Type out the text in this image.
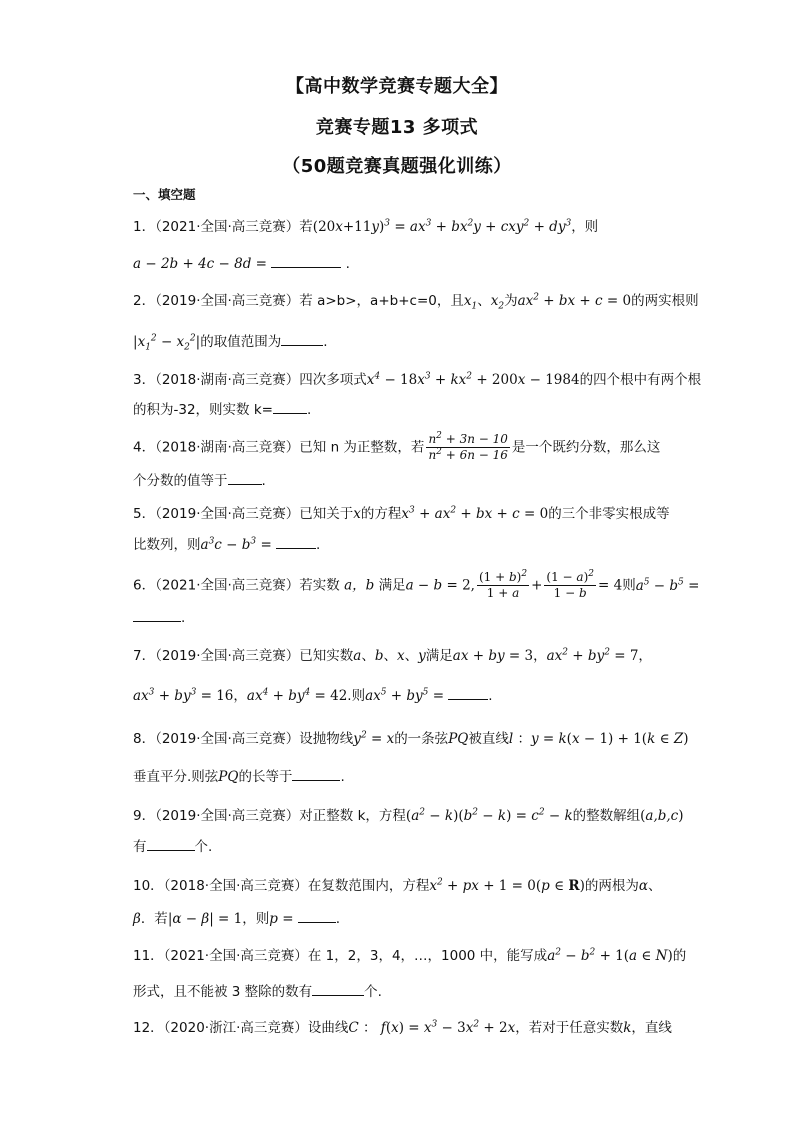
【高中数学竞赛专题大全】
竞赛专题13 多项式
（50题竞赛真题强化训练）
一、填空题
1．（2021·全国·高三竞赛）若$(20x+11y)^3 = ax^3 + bx^2y + cxy^2 + dy^3$，则
a − 2b + 4c − 8d =	.
2．（2019·全国·高三竞赛）若 a>b>，a+b+c=0，且$x_1$、$x_2$为$ax^2$ + bx + c = 0的两实根则
$|x_1^2 - x_2^2|$的取值范围为	.
3．（2018·湖南·高三竞赛）四次多项式$x^4 - 18x^3 + kx^2 + 200x - 1984$的四个根中有两个根
的积为-32，则实数 k=	.
4．（2018·湖南·高三竞赛）已知 n 为正整数，若 $\frac{n^2 + 3n - 10}{n^2 + 6n - 16}$ 是一个既约分数，那么这
个分数的值等于	.
5．（2019·全国·高三竞赛）已知关于x的方程$x^3 + ax^2$ + bx + c = 0的三个非零实根成等
比数列，则$a^3c - b^3$ =	.
6．（2021·全国·高三竞赛）若实数 a，b 满足a − b = 2, $\frac{(1 + b)^2}{1 + a} + \frac{(1 - a)^2}{1 - b} = 4$则$a^5 - b^5$ =
.
7．（2019·全国·高三竞赛）已知实数a、b、x、y满足ax + by = 3，$ax^2 + by^2 = 7$，
$ax^3 + by^3 = 16$，$ax^4 + by^4 = 42$.则$ax^5 + by^5$ =	.
8．（2019·全国·高三竞赛）设抛物线$y^2 = x$的一条弦PQ被直线l ：y = k(x − 1) + 1(k ∈ Z)
垂直平分.则弦PQ的长等于	.
9．（2019·全国·高三竞赛）对正整数 k，方程$(a^2 - k)(b^2 - k) = c^2 - k$的整数解组(a,b,c)
有	个.
10．（2018·全国·高三竞赛）在复数范围内，方程$x^2$ + px + 1 = 0(p ∈ R)的两根为α、
β．若|α − β| = 1，则p =	.
11．（2021·全国·高三竞赛）在 1，2，3，4，…，1000 中，能写成$a^2 - b^2 + 1(a$ ∈ N)的
形式，且不能被 3 整除的数有	个.
12．（2020·浙江·高三竞赛）设曲线C ： $f(x) = x^3 - 3x^2 + 2x$，若对于任意实数k，直线
